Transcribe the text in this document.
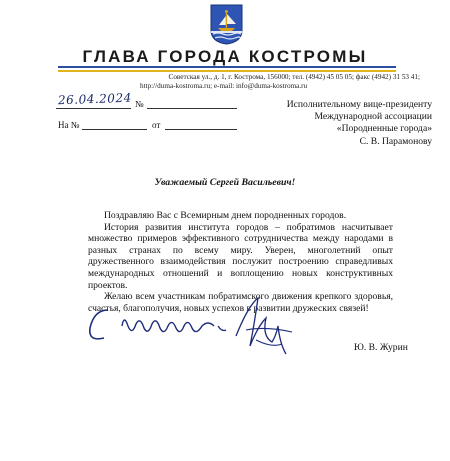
ГЛАВА ГОРОДА КОСТРОМЫ
Советская ул., д. 1, г. Кострома, 156000; тел. (4942) 45 05 05; факс (4942) 31 53 41;
http://duma-kostroma.ru; e-mail: info@duma-kostroma.ru
26.04.2024 №
На №	от
Исполнительному вице-президенту
Международной ассоциации
«Породненные города»
С. В. Парамонову
Уважаемый Сергей Васильевич!

Поздравляю Вас с Всемирным днем породненных городов.

История развития института городов – побратимов насчитывает множество примеров эффективного сотрудничества между народами в разных странах по всему миру. Уверен, многолетний опыт дружественного взаимодействия послужит построению справедливых международных отношений и воплощению новых конструктивных проектов.

Желаю всем участникам побратимского движения крепкого здоровья, счастья, благополучия, новых успехов в развитии дружеских связей!

С уважением,
Ю. В. Журин
